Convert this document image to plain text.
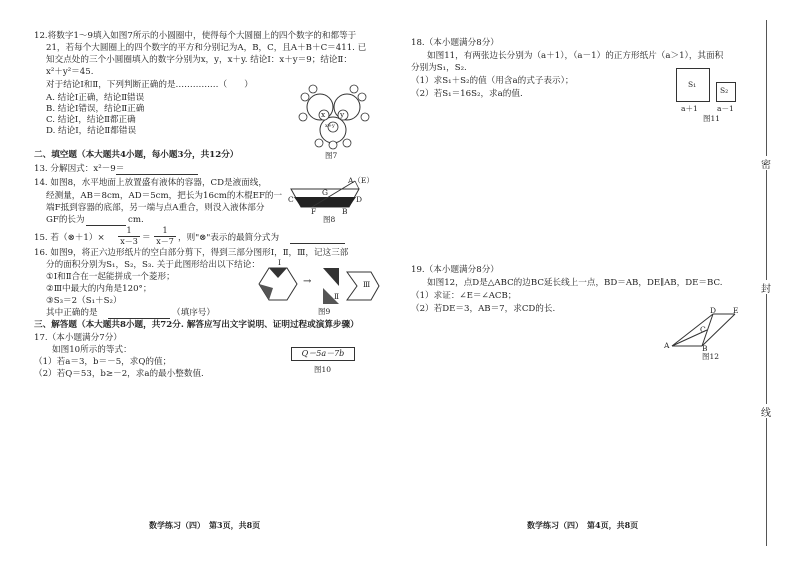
12.将数字1～9填入如图7所示的小圆圈中，使得每个大圆圈上的四个数字的和都等于
21，若每个大圆圈上的四个数字的平方和分别记为A，B，C，且A＋B＋C＝411. 已
知交点处的三个小圆圈填入的数字分别为x，y，x＋y. 结论Ⅰ：x＋y＝9；结论Ⅱ：
x²＋y²＝45.
对于结论Ⅰ和Ⅱ，下列判断正确的是……………（　　）
A. 结论Ⅰ正确，结论Ⅱ错误
B. 结论Ⅰ错误，结论Ⅱ正确
C. 结论Ⅰ，结论Ⅱ都正确
D. 结论Ⅰ，结论Ⅱ都错误
x y
x+y
图7
二、填空题（本大题共4小题，每小题3分，共12分）
13. 分解因式：x²－9＝
14. 如图8，水平地面上放置盛有液体的容器，CD是液面线，
经测量，AB＝8cm，AD＝5cm，把长为16cm的木棍EF的一
端F抵到容器的底部，另一端与点A重合，则没入液体部分
GF的长为	cm.
A（E）
G
C	D
F	B
图8
15. 若（⊗＋1）× $\frac{1}{x-3} = \frac{1}{x-7}$ ，则"⊗"表示的最简分式为
16. 如图9，将正六边形纸片的空白部分剪下，得到三部分图形Ⅰ，Ⅱ，Ⅲ，记这三部
分的面积分别为S₁，S₂，S₃. 关于此图形给出以下结论：
①Ⅰ和Ⅱ合在一起能拼成一个菱形；
②Ⅲ中最大的内角是120°；
③S₃＝2（S₁＋S₂）
其中正确的是	（填序号）
→
Ⅰ
Ⅱ
Ⅲ
图9
三、解答题（本大题共8小题，共72分. 解答应写出文字说明、证明过程或演算步骤）
17.（本小题满分7分）
如图10所示的等式：
（1）若a＝3，b＝－5，求Q的值；
（2）若Q＝53，b≥－2，求a的最小整数值.
Q＝5a－7b
图10
数学练习（四）　第3页，共8页
18.（本小题满分8分）
如图11，有两张边长分别为（a＋1），（a－1）的正方形纸片（a＞1），其面积
分别为S₁，S₂.
（1）求S₁＋S₂的值（用含a的式子表示）；
（2）若S₁＝16S₂，求a的值.
S₁
S₂
a＋1	a－1
图11
19.（本小题满分8分）
如图12，点D是△ABC的边BC延长线上一点，BD＝AB，DE∥AB，DE＝BC.
（1）求证：∠E＝∠ACB；
（2）若DE＝3，AB＝7，求CD的长.
A	B
C
D E
图12
数学练习（四）　第4页，共8页
密
封
线
